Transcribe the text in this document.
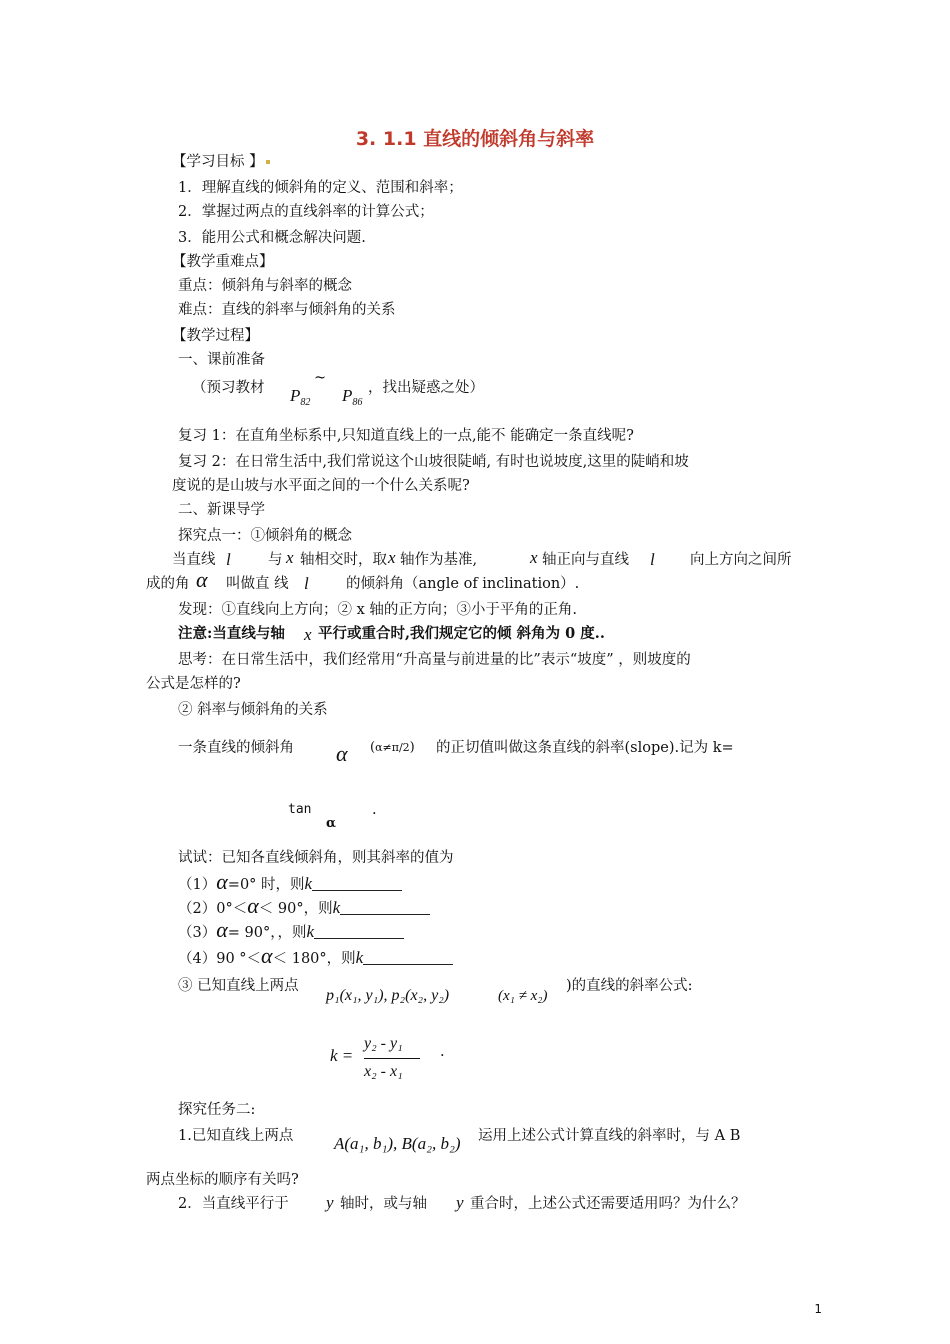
3. 1.1 直线的倾斜角与斜率
【学习目标 】
1．理解直线的倾斜角的定义、范围和斜率；
2．掌握过两点的直线斜率的计算公式；
3．能用公式和概念解决问题.
【教学重难点】
重点：倾斜角与斜率的概念
难点：直线的斜率与倾斜角的关系
【教学过程】
一、课前准备
（预习教材 $P_{82}$
~
$P_{86}$
，找出疑惑之处）
复习 1：在直角坐标系中,只知道直线上的一点,能不 能确定一条直线呢?
复习 2：在日常生活中,我们常说这个山坡很陡峭, 有时也说坡度,这里的陡峭和坡
度说的是山坡与水平面之间的一个什么关系呢?
二、新课导学
探究点一：①倾斜角的概念
当直线 l	与 x 轴相交时，取 x 轴作为基准,	x 轴正向与直线 l 向上方向之间所
成的角 α 叫做直 线 l	的倾斜角（angle of inclination）.
发现：①直线向上方向；② x 轴的正方向；③小于平角的正角.
注意:当直线与轴 x 平行或重合时,我们规定它的倾 斜角为 0 度..
思考：在日常生活中，我们经常用“升高量与前进量的比”表示“坡度” ，则坡度的
公式是怎样的?
② 斜率与倾斜角的关系
一条直线的倾斜角 α (α≠π/2) 的正切值叫做这条直线的斜率(slope).记为 k=
tan
α
.
试试：已知各直线倾斜角，则其斜率的值为
（1）α=0° 时，则k
（2）0°＜α＜ 90°，则k
（3）α= 90°，，则k
（4）90 °＜α＜ 180°，则k
③ 已知直线上两点
p₁(x₁, y₁), p₂(x₂, y₂)	(x₁ ≠ x₂)
)的直线的斜率公式:
k =
y₂ - y₁
x₂ - x₁
.
探究任务二:
1.已知直线上两点 A(a₁, b₁), B(a₂, b₂) 运用上述公式计算直线的斜率时，与 A B
两点坐标的顺序有关吗?
2．当直线平行于 y 轴时，或与轴 y 重合时，上述公式还需要适用吗？为什么？
1
